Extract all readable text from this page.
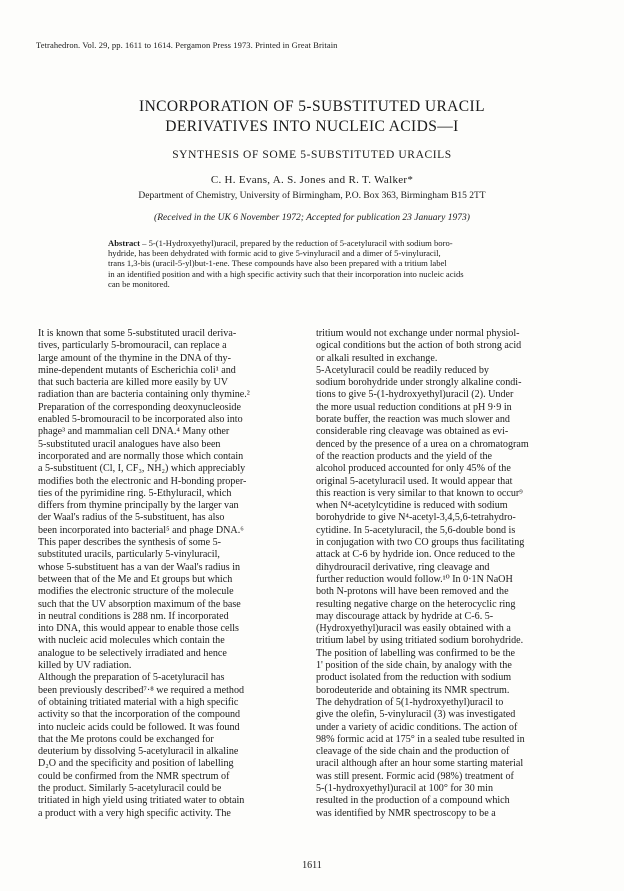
Tetrahedron. Vol. 29, pp. 1611 to 1614. Pergamon Press 1973. Printed in Great Britain
INCORPORATION OF 5-SUBSTITUTED URACIL
DERIVATIVES INTO NUCLEIC ACIDS—I
SYNTHESIS OF SOME 5-SUBSTITUTED URACILS
C. H. Evans, A. S. Jones and R. T. Walker*
Department of Chemistry, University of Birmingham, P.O. Box 363, Birmingham B15 2TT
(Received in the UK 6 November 1972; Accepted for publication 23 January 1973)
Abstract – 5-(1-Hydroxyethyl)uracil, prepared by the reduction of 5-acetyluracil with sodium boro-
hydride, has been dehydrated with formic acid to give 5-vinyluracil and a dimer of 5-vinyluracil,
trans 1,3-bis (uracil-5-yl)but-1-ene. These compounds have also been prepared with a tritium label
in an identified position and with a high specific activity such that their incorporation into nucleic acids
can be monitored.
It is known that some 5-substituted uracil deriva-
tives, particularly 5-bromouracil, can replace a
large amount of the thymine in the DNA of thy-
mine-dependent mutants of Escherichia coli¹ and
that such bacteria are killed more easily by UV
radiation than are bacteria containing only thymine.²
Preparation of the corresponding deoxynucleoside
enabled 5-bromouracil to be incorporated also into
phage³ and mammalian cell DNA.⁴ Many other
5-substituted uracil analogues have also been
incorporated and are normally those which contain
a 5-substituent (Cl, I, CF₃, NH₂) which appreciably
modifies both the electronic and H-bonding proper-
ties of the pyrimidine ring. 5-Ethyluracil, which
differs from thymine principally by the larger van
der Waal's radius of the 5-substituent, has also
been incorporated into bacterial⁵ and phage DNA.⁶
This paper describes the synthesis of some 5-
substituted uracils, particularly 5-vinyluracil,
whose 5-substituent has a van der Waal's radius in
between that of the Me and Et groups but which
modifies the electronic structure of the molecule
such that the UV absorption maximum of the base
in neutral conditions is 288 nm. If incorporated
into DNA, this would appear to enable those cells
with nucleic acid molecules which contain the
analogue to be selectively irradiated and hence
killed by UV radiation.
Although the preparation of 5-acetyluracil has
been previously described⁷·⁸ we required a method
of obtaining tritiated material with a high specific
activity so that the incorporation of the compound
into nucleic acids could be followed. It was found
that the Me protons could be exchanged for
deuterium by dissolving 5-acetyluracil in alkaline
D₂O and the specificity and position of labelling
could be confirmed from the NMR spectrum of
the product. Similarly 5-acetyluracil could be
tritiated in high yield using tritiated water to obtain
a product with a very high specific activity. The
tritium would not exchange under normal physiol-
ogical conditions but the action of both strong acid
or alkali resulted in exchange.
5-Acetyluracil could be readily reduced by
sodium borohydride under strongly alkaline condi-
tions to give 5-(1-hydroxyethyl)uracil (2). Under
the more usual reduction conditions at pH 9·9 in
borate buffer, the reaction was much slower and
considerable ring cleavage was obtained as evi-
denced by the presence of a urea on a chromatogram
of the reaction products and the yield of the
alcohol produced accounted for only 45% of the
original 5-acetyluracil used. It would appear that
this reaction is very similar to that known to occur⁹
when N⁴-acetylcytidine is reduced with sodium
borohydride to give N⁴-acetyl-3,4,5,6-tetrahydro-
cytidine. In 5-acetyluracil, the 5,6-double bond is
in conjugation with two CO groups thus facilitating
attack at C-6 by hydride ion. Once reduced to the
dihydrouracil derivative, ring cleavage and
further reduction would follow.¹⁰ In 0·1N NaOH
both N-protons will have been removed and the
resulting negative charge on the heterocyclic ring
may discourage attack by hydride at C-6. 5-
(Hydroxyethyl)uracil was easily obtained with a
tritium label by using tritiated sodium borohydride.
The position of labelling was confirmed to be the
1' position of the side chain, by analogy with the
product isolated from the reduction with sodium
borodeuteride and obtaining its NMR spectrum.
The dehydration of 5(1-hydroxyethyl)uracil to
give the olefin, 5-vinyluracil (3) was investigated
under a variety of acidic conditions. The action of
98% formic acid at 175° in a sealed tube resulted in
cleavage of the side chain and the production of
uracil although after an hour some starting material
was still present. Formic acid (98%) treatment of
5-(1-hydroxyethyl)uracil at 100° for 30 min
resulted in the production of a compound which
was identified by NMR spectroscopy to be a
1611
